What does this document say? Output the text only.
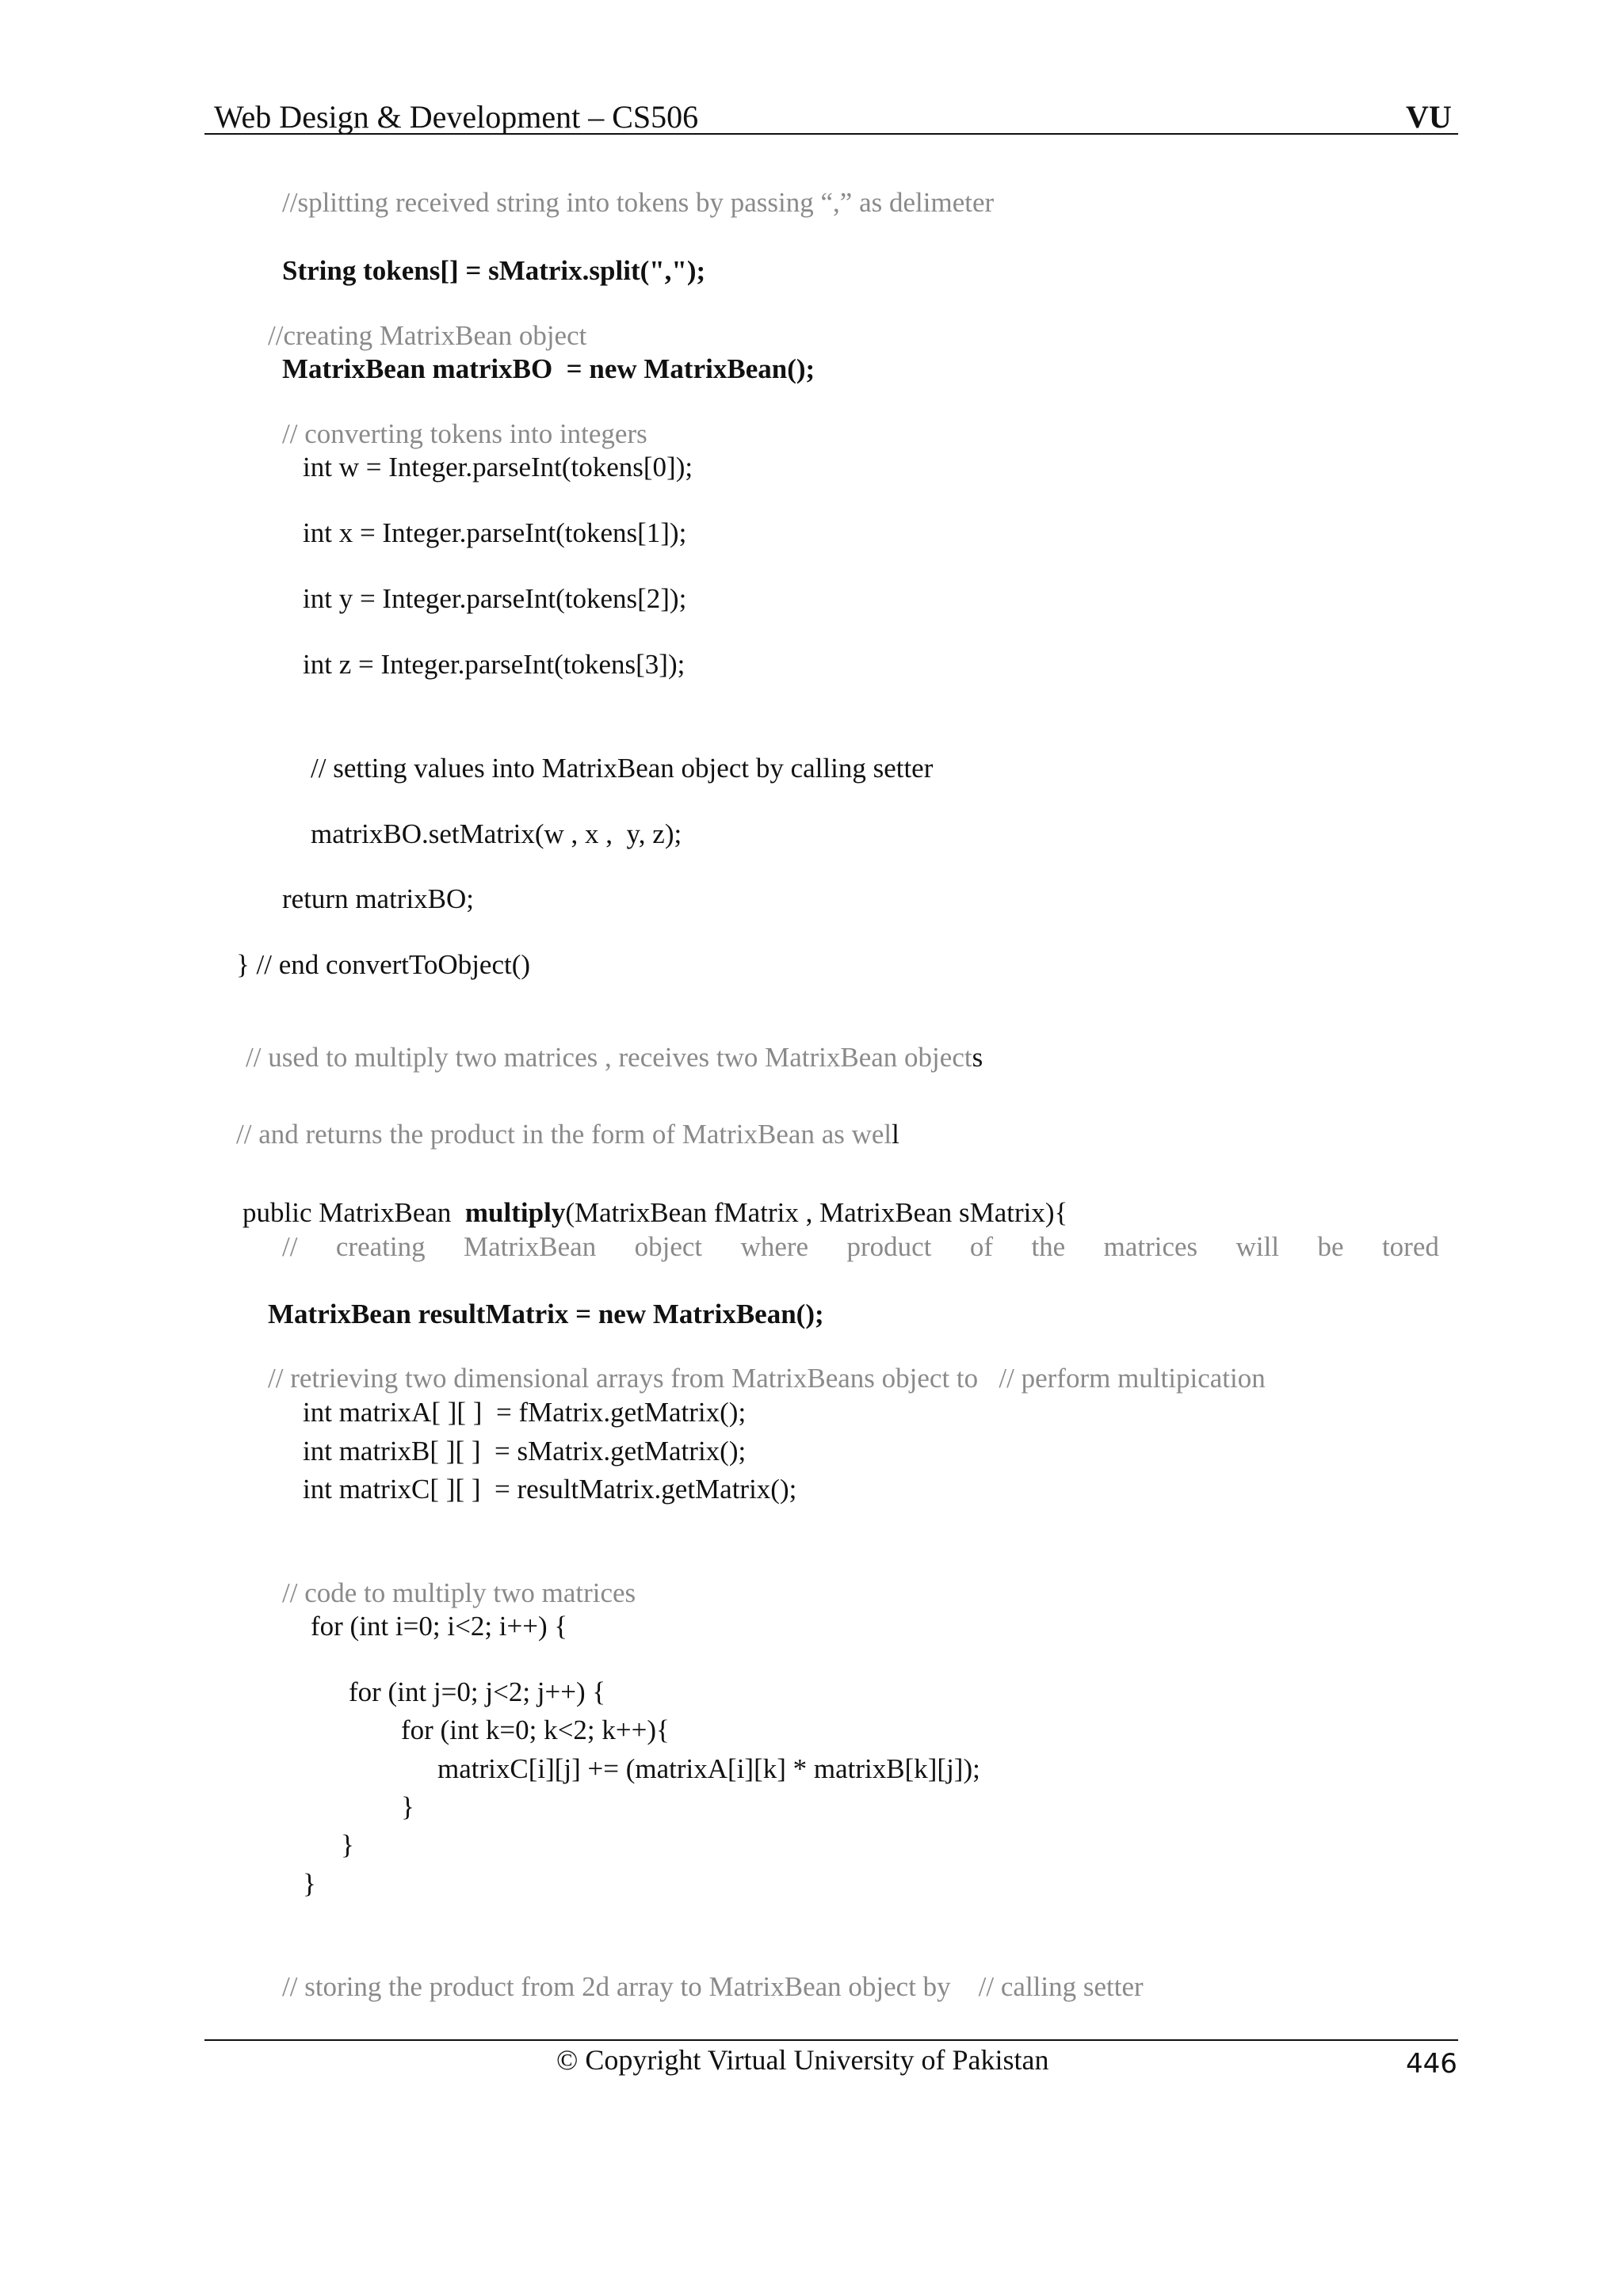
Web Design & Development – CS506	VU
//splitting received string into tokens by passing “,” as delimeter
String tokens[] = sMatrix.split(",");
//creating MatrixBean object
MatrixBean matrixBO  = new MatrixBean();
// converting tokens into integers
int w = Integer.parseInt(tokens[0]);
int x = Integer.parseInt(tokens[1]);
int y = Integer.parseInt(tokens[2]);
int z = Integer.parseInt(tokens[3]);
// setting values into MatrixBean object by calling setter
matrixBO.setMatrix(w , x ,  y, z);
return matrixBO;
} // end convertToObject()
// used to multiply two matrices , receives two MatrixBean objects
// and returns the product in the form of MatrixBean as well
public MatrixBean  multiply(MatrixBean fMatrix , MatrixBean sMatrix){
// creating MatrixBean object where product of the matrices will be tored
MatrixBean resultMatrix = new MatrixBean();
// retrieving two dimensional arrays from MatrixBeans object to   // perform multipication
int matrixA[ ][ ]  = fMatrix.getMatrix();
int matrixB[ ][ ]  = sMatrix.getMatrix();
int matrixC[ ][ ]  = resultMatrix.getMatrix();
// code to multiply two matrices
for (int i=0; i<2; i++) {
for (int j=0; j<2; j++) {
for (int k=0; k<2; k++){
matrixC[i][j] += (matrixA[i][k] * matrixB[k][j]);
}
}
}
// storing the product from 2d array to MatrixBean object by    // calling setter
© Copyright Virtual University of Pakistan	446
